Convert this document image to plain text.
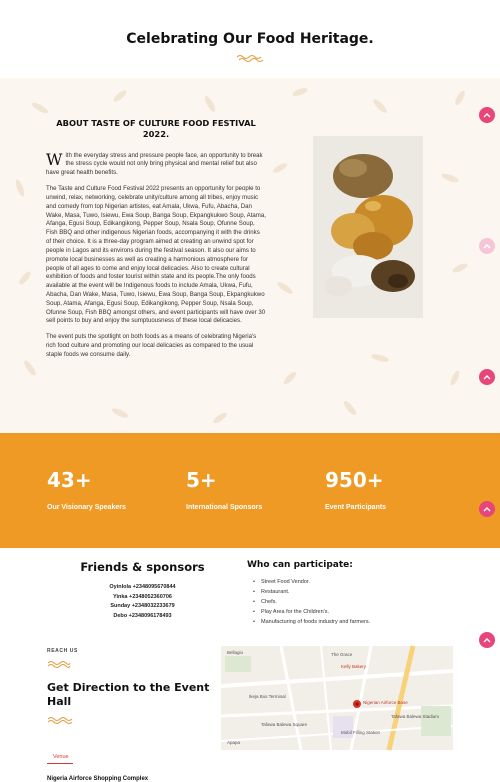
Celebrating Our Food Heritage.
ABOUT TASTE OF CULTURE FOOD FESTIVAL 2022.

With the everyday stress and pressure people face, an opportunity to break the stress cycle would not only bring physical and mental relief but also have great health benefits.

The Taste and Culture Food Festival 2022 presents an opportunity for people to unwind, relax, networking, celebrate unity/culture among all tribes, enjoy music and comedy from top Nigerian artistes, eat Amala, Ukwa, Fufu, Abacha, Dan Wake, Masa, Tuwo, Isiewu, Ewa Soup, Banga Soup, Ekpangkukwo Soup, Atama, Afanga, Egusi Soup, Edikangikong, Pepper Soup, Nsala Soup, Ofunne Soup, Fish BBQ and other indigenous Nigerian foods, accompanying it with the drinks of their choice. It is a three-day program aimed at creating an unwind spot for people in Lagos and its environs during the festival season. It also our aims to promote local businesses as well as creating a harmonious atmosphere for people of all ages to come and enjoy local delicacies. Also to create cultural exhibition of foods and foster tourist within state and its people.The only foods available at the event will be Indigenous foods to include Amala, Ukwa, Fufu, Abacha, Dan Wake, Masa, Tuwo, Isiewu, Ewa Soup, Banga Soup, Ekpangkukwo Soup, Atama, Afanga, Egusi Soup, Edikangikong, Pepper Soup, Nsala Soup, Ofunne Soup, Fish BBQ amongst others, and event participants will have over 30 sell points to buy and enjoy the sumptuousness of these local delicacies.

The event puts the spotlight on both foods as a means of celebrating Nigeria's rich food culture and promoting our local delicacies as compared to the usual staple foods we consume daily.

43+
Our Visionary Speakers
5+
International Sponsors
950+
Event Participants
Friends & sponsors
Oyinlola +2348095670844
Yinka +2348052360706
Sunday +2348032233679
Debo +2348096178493
Who can participate:
• Street Food Vendor.
• Restaurant.
• Chefs.
• Play Area for the Children's.
• Manufacturing of foods industry and farmers.
REACH US
Get Direction to the Event Hall
Venue
Nigeria Airforce Shopping Complex
Bellagio	The Grace
Kelly Bakery
Nigerian Airforce Base
Ikeja Bus Terminal
Tafawa Balewa Square
Apapa
Mobil Filling Station
Tafawa Balewa Stadium
